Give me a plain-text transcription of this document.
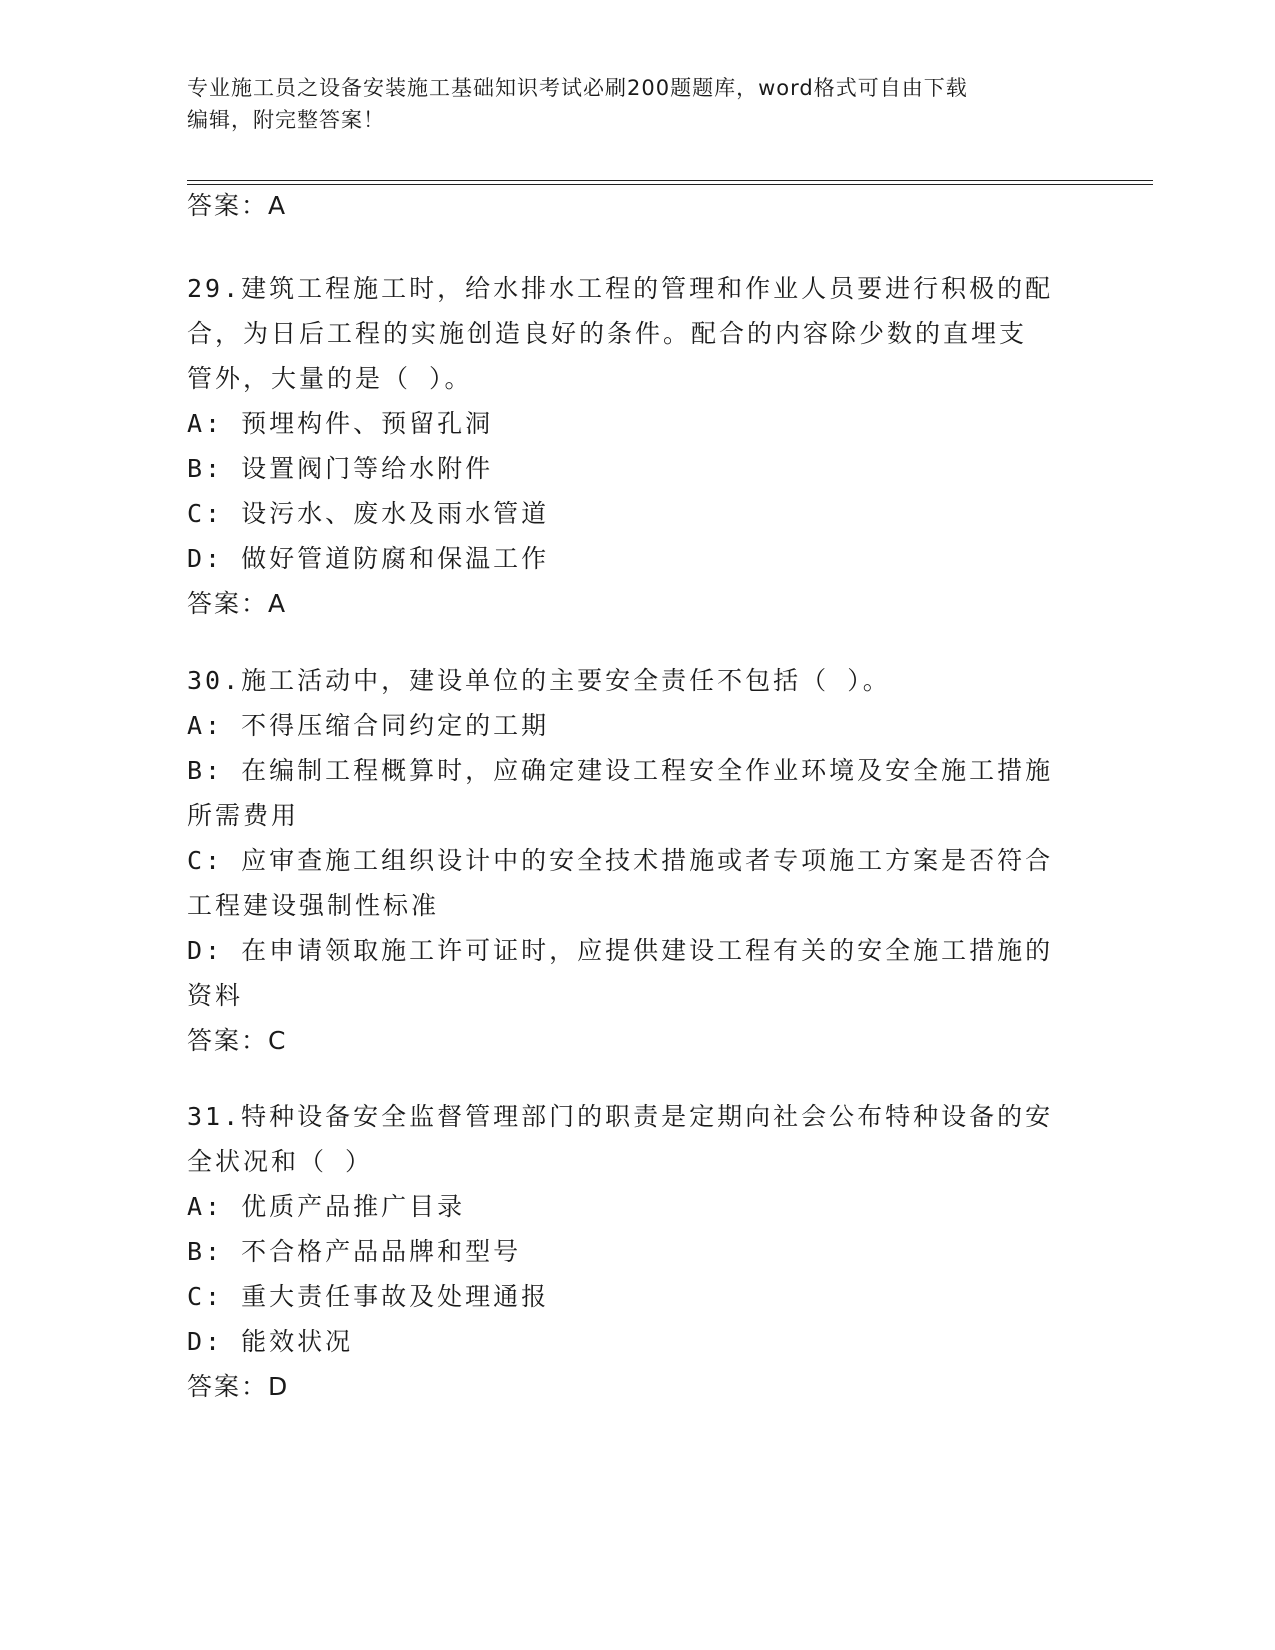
专业施工员之设备安装施工基础知识考试必刷200题题库，word格式可自由下载
编辑，附完整答案！
答案：A
29.建筑工程施工时，给水排水工程的管理和作业人员要进行积极的配
合，为日后工程的实施创造良好的条件。配合的内容除少数的直埋支
管外，大量的是（ ）。
A: 预埋构件、预留孔洞
B: 设置阀门等给水附件
C: 设污水、废水及雨水管道
D: 做好管道防腐和保温工作
答案：A
30.施工活动中，建设单位的主要安全责任不包括（ ）。
A: 不得压缩合同约定的工期
B: 在编制工程概算时，应确定建设工程安全作业环境及安全施工措施
所需费用
C: 应审查施工组织设计中的安全技术措施或者专项施工方案是否符合
工程建设强制性标准
D: 在申请领取施工许可证时，应提供建设工程有关的安全施工措施的
资料
答案：C
31.特种设备安全监督管理部门的职责是定期向社会公布特种设备的安
全状况和（ ）
A: 优质产品推广目录
B: 不合格产品品牌和型号
C: 重大责任事故及处理通报
D: 能效状况
答案：D
